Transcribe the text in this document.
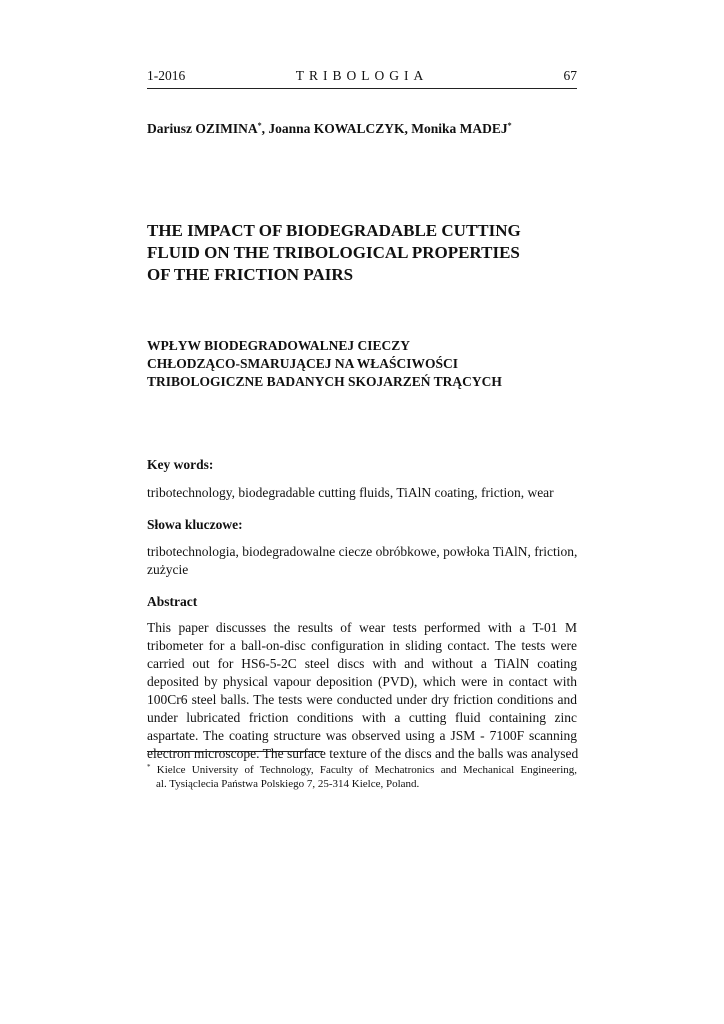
1-2016	TRIBOLOGIA	67
Dariusz OZIMINA*, Joanna KOWALCZYK, Monika MADEJ*
THE IMPACT OF BIODEGRADABLE CUTTING
FLUID ON THE TRIBOLOGICAL PROPERTIES
OF THE FRICTION PAIRS
WPŁYW BIODEGRADOWALNEJ CIECZY
CHŁODZĄCO-SMARUJĄCEJ NA WŁAŚCIWOŚCI
TRIBOLOGICZNE BADANYCH SKOJARZEŃ TRĄCYCH
Key words:

tribotechnology, biodegradable cutting fluids, TiAlN coating, friction, wear

Słowa kluczowe:

tribotechnologia, biodegradowalne ciecze obróbkowe, powłoka TiAlN, friction,
zużycie

Abstract
This paper discusses the results of wear tests performed with a T-01 M
tribometer for a ball-on-disc configuration in sliding contact. The tests were
carried out for HS6-5-2C steel discs with and without a TiAlN coating
deposited by physical vapour deposition (PVD), which were in contact with
100Cr6 steel balls. The tests were conducted under dry friction conditions and
under lubricated friction conditions with a cutting fluid containing zinc
aspartate. The coating structure was observed using a JSM - 7100F scanning
electron microscope. The surface texture of the discs and the balls was analysed
* Kielce University of Technology, Faculty of Mechatronics and Mechanical Engineering,
al. Tysiąclecia Państwa Polskiego 7, 25-314 Kielce, Poland.
